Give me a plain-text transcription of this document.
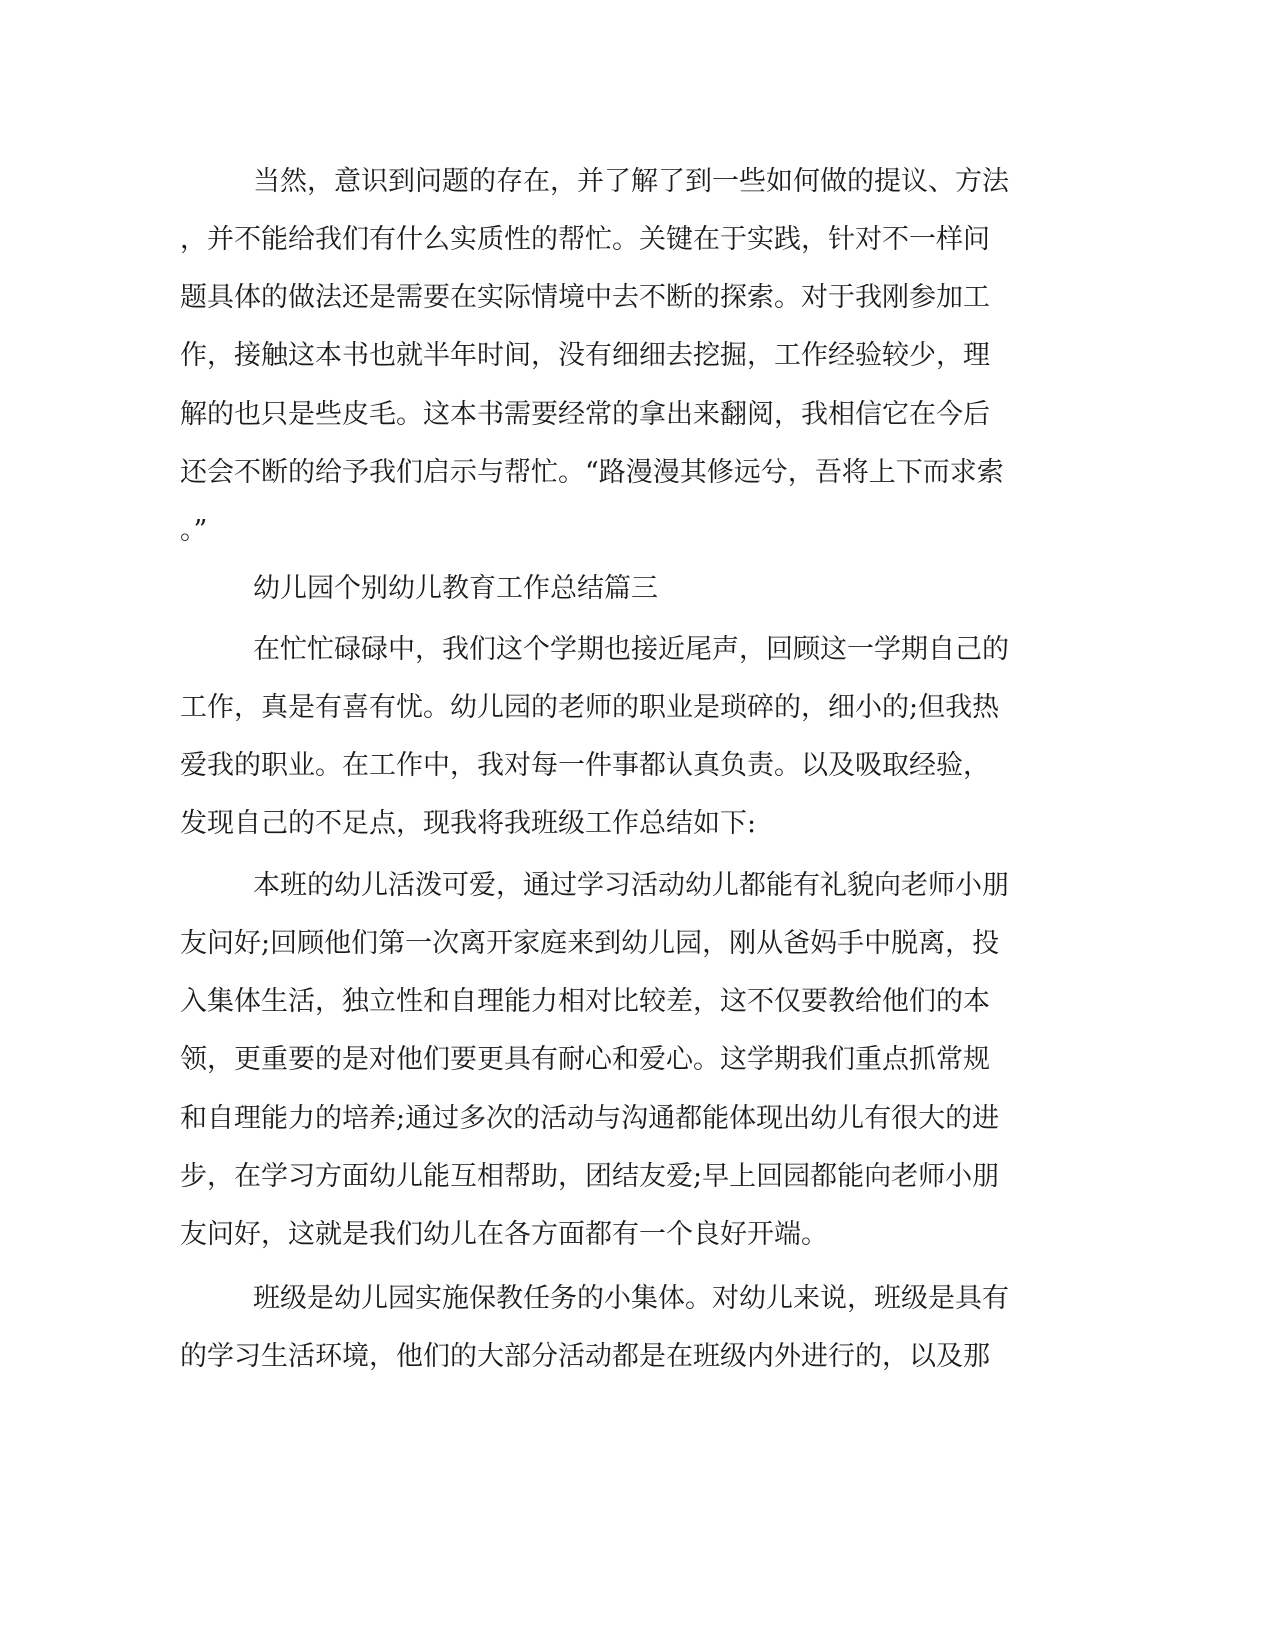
当然，意识到问题的存在，并了解了到一些如何做的提议、方法
，并不能给我们有什么实质性的帮忙。关键在于实践，针对不一样问
题具体的做法还是需要在实际情境中去不断的探索。对于我刚参加工
作，接触这本书也就半年时间，没有细细去挖掘，工作经验较少，理
解的也只是些皮毛。这本书需要经常的拿出来翻阅，我相信它在今后
还会不断的给予我们启示与帮忙。“路漫漫其修远兮，吾将上下而求索
。”
幼儿园个别幼儿教育工作总结篇三
在忙忙碌碌中，我们这个学期也接近尾声，回顾这一学期自己的
工作，真是有喜有忧。幼儿园的老师的职业是琐碎的，细小的;但我热
爱我的职业。在工作中，我对每一件事都认真负责。以及吸取经验，
发现自己的不足点，现我将我班级工作总结如下:
本班的幼儿活泼可爱，通过学习活动幼儿都能有礼貌向老师小朋
友问好;回顾他们第一次离开家庭来到幼儿园，刚从爸妈手中脱离，投
入集体生活，独立性和自理能力相对比较差，这不仅要教给他们的本
领，更重要的是对他们要更具有耐心和爱心。这学期我们重点抓常规
和自理能力的培养;通过多次的活动与沟通都能体现出幼儿有很大的进
步，在学习方面幼儿能互相帮助，团结友爱;早上回园都能向老师小朋
友问好，这就是我们幼儿在各方面都有一个良好开端。
班级是幼儿园实施保教任务的小集体。对幼儿来说，班级是具有
的学习生活环境，他们的大部分活动都是在班级内外进行的，以及那
